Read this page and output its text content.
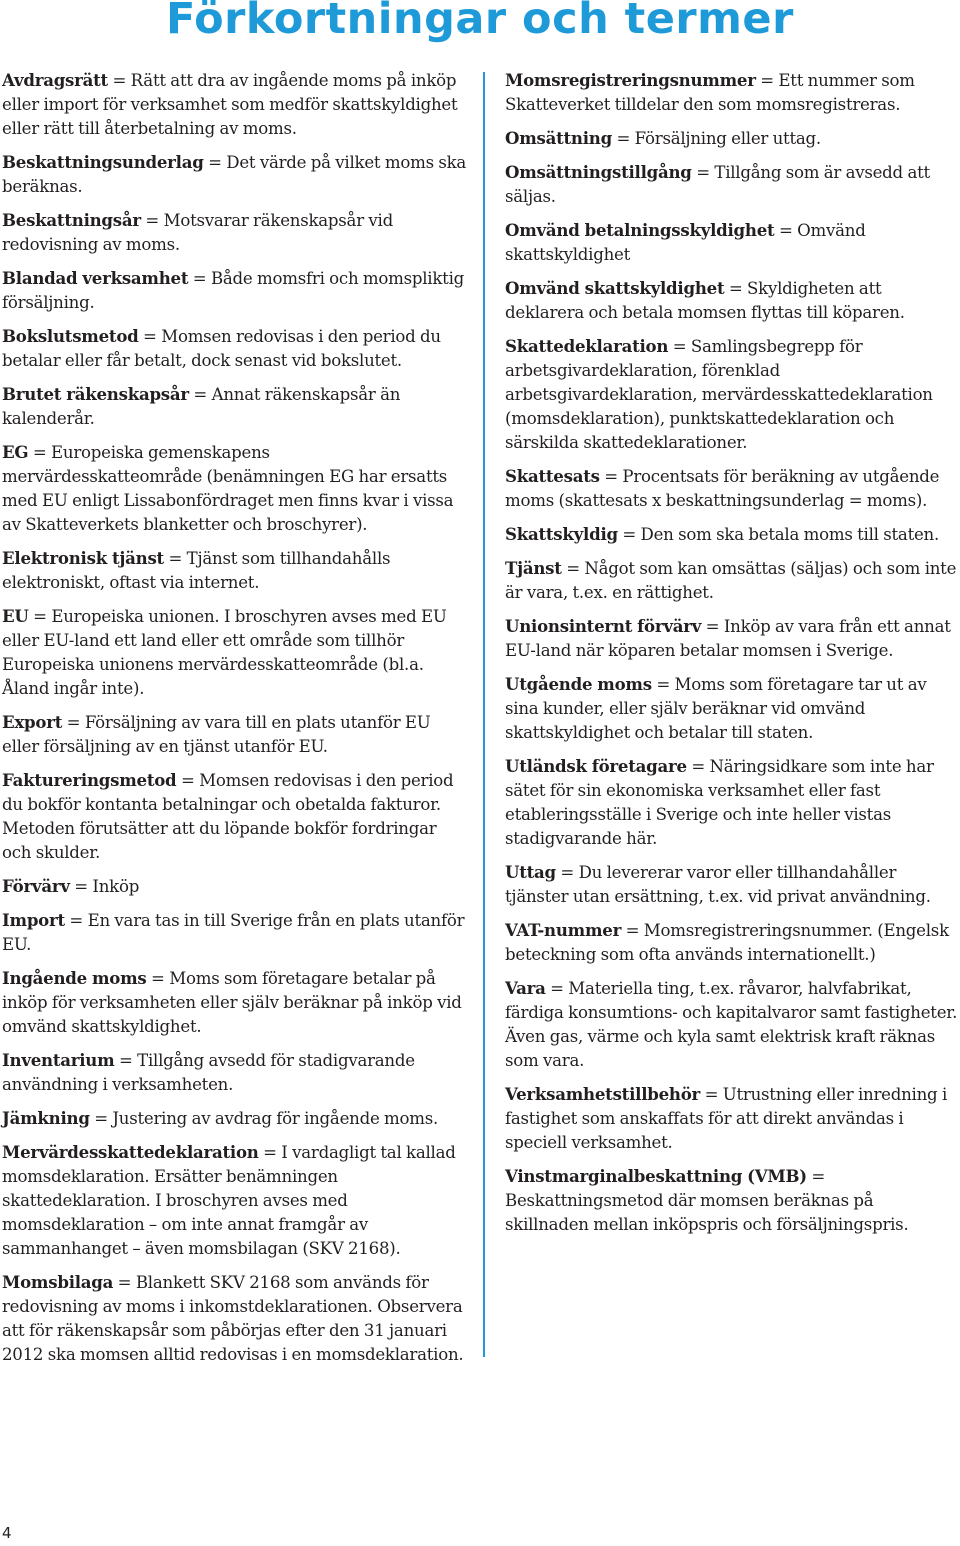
Förkortningar och termer

Avdragsrätt = Rätt att dra av ingående moms på inköp eller import för verksamhet som medför skattskyldighet eller rätt till återbetalning av moms.

Beskattningsunderlag = Det värde på vilket moms ska beräknas.

Beskattningsår = Motsvarar räkenskapsår vid redovisning av moms.

Blandad verksamhet = Både momsfri och momspliktig försäljning.

Bokslutsmetod = Momsen redovisas i den period du betalar eller får betalt, dock senast vid bokslutet.

Brutet räkenskapsår = Annat räkenskapsår än kalenderår.

EG = Europeiska gemenskapens mervärdesskatteområde (benämningen EG har ersatts med EU enligt Lissabonfördraget men finns kvar i vissa av Skatteverkets blanketter och broschyrer).

Elektronisk tjänst = Tjänst som tillhandahålls elektroniskt, oftast via internet.

EU = Europeiska unionen. I broschyren avses med EU eller EU-land ett land eller ett område som tillhör Europeiska unionens mervärdesskatteområde (bl.a. Åland ingår inte).

Export = Försäljning av vara till en plats utanför EU eller försäljning av en tjänst utanför EU.

Faktureringsmetod = Momsen redovisas i den period du bokför kontanta betalningar och obetalda fakturor. Metoden förutsätter att du löpande bokför fordringar och skulder.

Förvärv = Inköp

Import = En vara tas in till Sverige från en plats utanför EU.

Ingående moms = Moms som företagare betalar på inköp för verksamheten eller själv beräknar på inköp vid omvänd skattskyldighet.

Inventarium = Tillgång avsedd för stadigvarande användning i verksamheten.

Jämkning = Justering av avdrag för ingående moms.

Mervärdesskattedeklaration = I vardagligt tal kallad momsdeklaration. Ersätter benämningen skattedeklaration. I broschyren avses med momsdeklaration – om inte annat framgår av sammanhanget – även momsbilagan (SKV 2168).

Momsbilaga = Blankett SKV 2168 som används för redovisning av moms i inkomstdeklarationen. Observera att för räkenskapsår som påbörjas efter den 31 januari 2012 ska momsen alltid redovisas i en momsdeklaration.

Momsregistreringsnummer = Ett nummer som Skatteverket tilldelar den som momsregistreras.

Omsättning = Försäljning eller uttag.

Omsättningstillgång = Tillgång som är avsedd att säljas.

Omvänd betalningsskyldighet = Omvänd skattskyldighet

Omvänd skattskyldighet = Skyldigheten att deklarera och betala momsen flyttas till köparen.

Skattedeklaration = Samlingsbegrepp för arbetsgivardeklaration, förenklad arbetsgivardeklaration, mervärdesskattedeklaration (momsdeklaration), punktskattedeklaration och särskilda skattedeklarationer.

Skattesats = Procentsats för beräkning av utgående moms (skattesats x beskattningsunderlag = moms).

Skattskyldig = Den som ska betala moms till staten.

Tjänst = Något som kan omsättas (säljas) och som inte är vara, t.ex. en rättighet.

Unionsinternt förvärv = Inköp av vara från ett annat EU-land när köparen betalar momsen i Sverige.

Utgående moms = Moms som företagare tar ut av sina kunder, eller själv beräknar vid omvänd skattskyldighet och betalar till staten.

Utländsk företagare = Näringsidkare som inte har sätet för sin ekonomiska verksamhet eller fast etableringsställe i Sverige och inte heller vistas stadigvarande här.

Uttag = Du levererar varor eller tillhandahåller tjänster utan ersättning, t.ex. vid privat användning.

VAT-nummer = Momsregistreringsnummer. (Engelsk beteckning som ofta används internationellt.)

Vara = Materiella ting, t.ex. råvaror, halvfabrikat, färdiga konsumtions- och kapitalvaror samt fastigheter. Även gas, värme och kyla samt elektrisk kraft räknas som vara.

Verksamhetstillbehör = Utrustning eller inredning i fastighet som anskaffats för att direkt användas i speciell verksamhet.

Vinstmarginalbeskattning (VMB) = Beskattningsmetod där momsen beräknas på skillnaden mellan inköpspris och försäljningspris.

4
